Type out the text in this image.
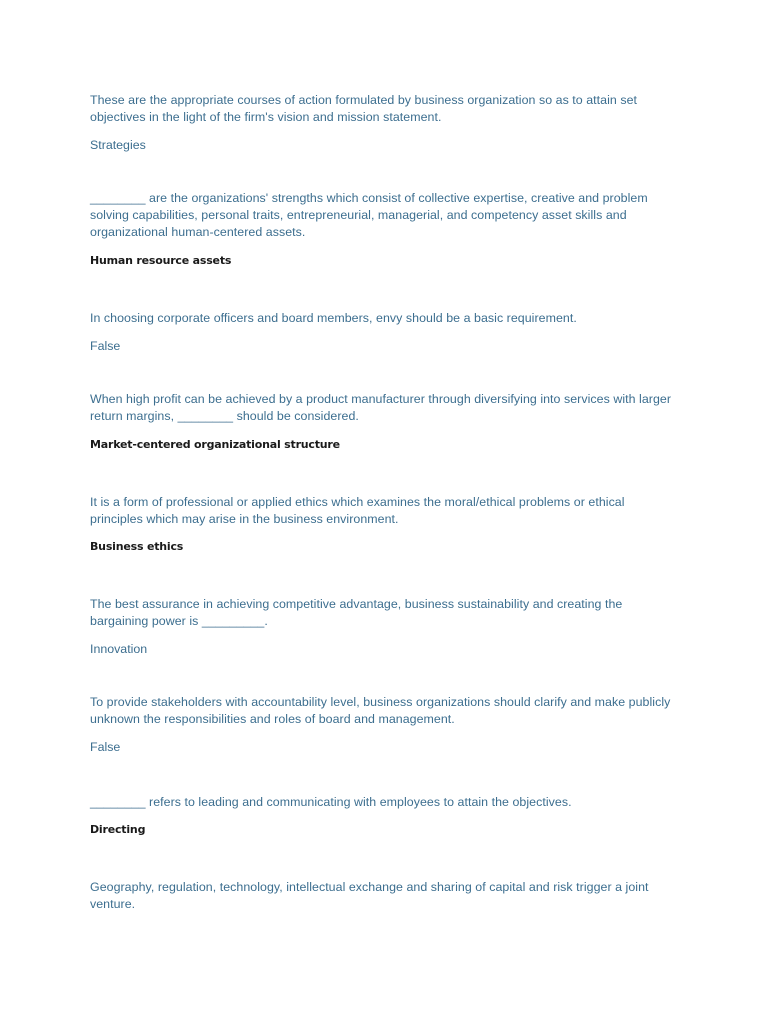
These are the appropriate courses of action formulated by business organization so as to attain set objectives in the light of the firm's vision and mission statement.

Strategies

________ are the organizations' strengths which consist of collective expertise, creative and problem solving capabilities, personal traits, entrepreneurial, managerial, and competency asset skills and organizational human-centered assets.

Human resource assets

In choosing corporate officers and board members, envy should be a basic requirement.

False

When high profit can be achieved by a product manufacturer through diversifying into services with larger return margins, ________ should be considered.

Market-centered organizational structure

It is a form of professional or applied ethics which examines the moral/ethical problems or ethical principles which may arise in the business environment.

Business ethics

The best assurance in achieving competitive advantage, business sustainability and creating the bargaining power is _________.

Innovation

To provide stakeholders with accountability level, business organizations should clarify and make publicly unknown the responsibilities and roles of board and management.

False

________ refers to leading and communicating with employees to attain the objectives.

Directing

Geography, regulation, technology, intellectual exchange and sharing of capital and risk trigger a joint venture.
